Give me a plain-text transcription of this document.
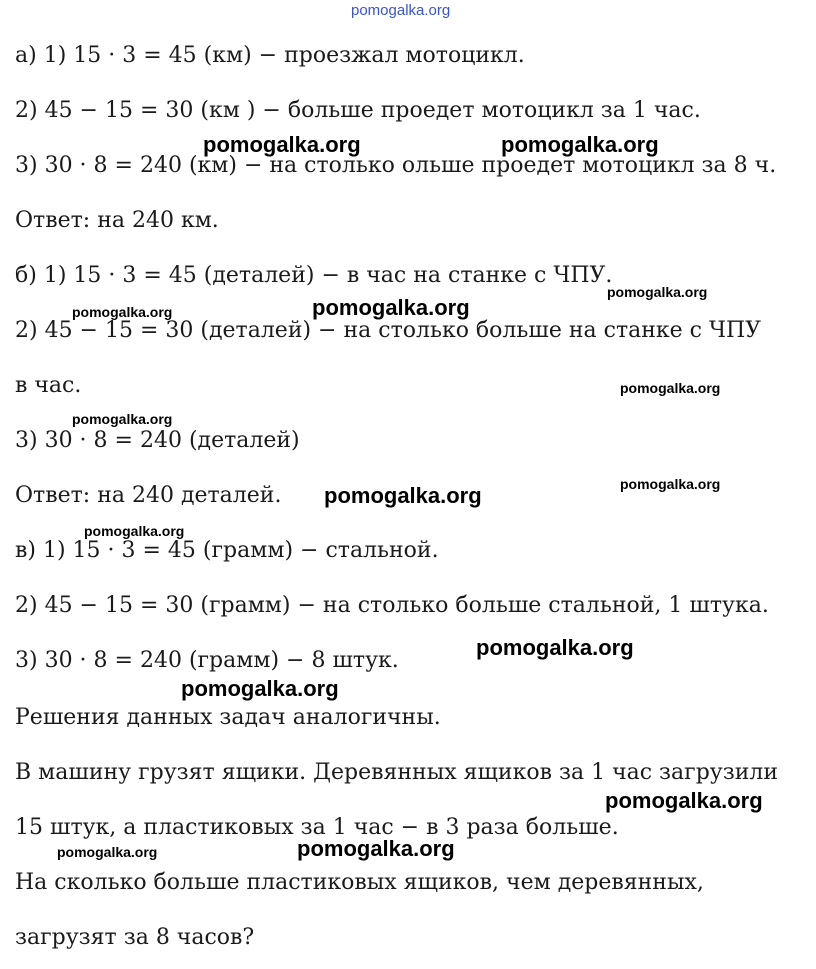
pomogalka.org

а) 1) 15 · 3 = 45 (км) − проезжал мотоцикл.

2) 45 − 15 = 30 (км ) − больше проедет мотоцикл за 1 час.

3) 30 · 8 = 240 (км) − на столько ольше проедет мотоцикл за 8 ч.

Ответ: на 240 км.

б) 1) 15 · 3 = 45 (деталей) − в час на станке с ЧПУ.

2) 45 − 15 = 30 (деталей) − на столько больше на станке с ЧПУ

в час.

3) 30 · 8 = 240 (деталей)

Ответ: на 240 деталей.

в) 1) 15 · 3 = 45 (грамм) − стальной.

2) 45 − 15 = 30 (грамм) − на столько больше стальной, 1 штука.

3) 30 · 8 = 240 (грамм) − 8 штук.

Решения данных задач аналогичны.

В машину грузят ящики. Деревянных ящиков за 1 час загрузили

15 штук, а пластиковых за 1 час − в 3 раза больше.

На сколько больше пластиковых ящиков, чем деревянных,

загрузят за 8 часов?

pomogalka.org	pomogalka.org
pomogalka.org
pomogalka.org	pomogalka.org
pomogalka.org
pomogalka.org
pomogalka.org
pomogalka.org
pomogalka.org
pomogalka.org
pomogalka.org
pomogalka.org
pomogalka.org	pomogalka.org
